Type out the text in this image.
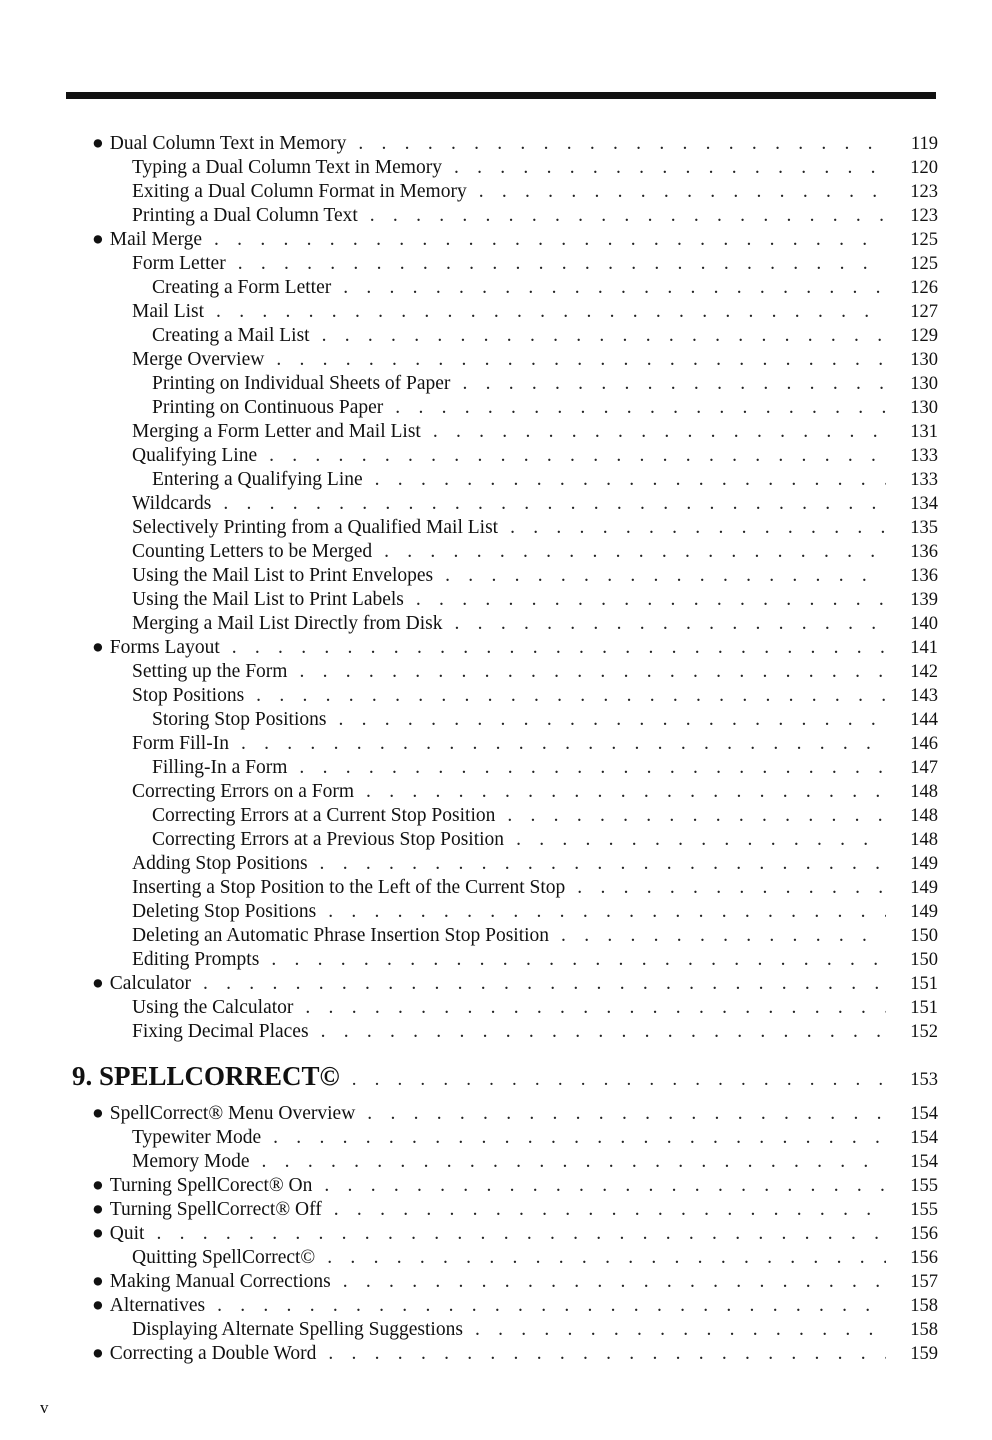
● Dual Column Text in Memory . . .	119
Typing a Dual Column Text in Memory . . .	120
Exiting a Dual Column Format in Memory . . .	123
Printing a Dual Column Text . . .	123
● Mail Merge . . .	125
Form Letter . . .	125
Creating a Form Letter . . .	126
Mail List . . .	127
Creating a Mail List . . .	129
Merge Overview . . .	130
Printing on Individual Sheets of Paper . . .	130
Printing on Continuous Paper . . .	130
Merging a Form Letter and Mail List . . .	131
Qualifying Line . . .	133
Entering a Qualifying Line . . .	133
Wildcards . . .	134
Selectively Printing from a Qualified Mail List . . .	135
Counting Letters to be Merged . . .	136
Using the Mail List to Print Envelopes . . .	136
Using the Mail List to Print Labels . . .	139
Merging a Mail List Directly from Disk . . .	140
● Forms Layout . . .	141
Setting up the Form . . .	142
Stop Positions . . .	143
Storing Stop Positions . . .	144
Form Fill-In . . .	146
Filling-In a Form . . .	147
Correcting Errors on a Form . . .	148
Correcting Errors at a Current Stop Position . . .	148
Correcting Errors at a Previous Stop Position . . .	148
Adding Stop Positions . . .	149
Inserting a Stop Position to the Left of the Current Stop . . .	149
Deleting Stop Positions . . .	149
Deleting an Automatic Phrase Insertion Stop Position . . .	150
Editing Prompts . . .	150
● Calculator . . .	151
Using the Calculator . . .	151
Fixing Decimal Places . . .	152
9. SPELLCORRECT© . . .	153
● SpellCorrect® Menu Overview . . .	154
Typewiter Mode . . .	154
Memory Mode . . .	154
● Turning SpellCorect® On . . .	155
● Turning SpellCorrect® Off . . .	155
● Quit . . .	156
Quitting SpellCorrect© . . .	156
● Making Manual Corrections . . .	157
● Alternatives . . .	158
Displaying Alternate Spelling Suggestions . . .	158
● Correcting a Double Word . . .	159
v
